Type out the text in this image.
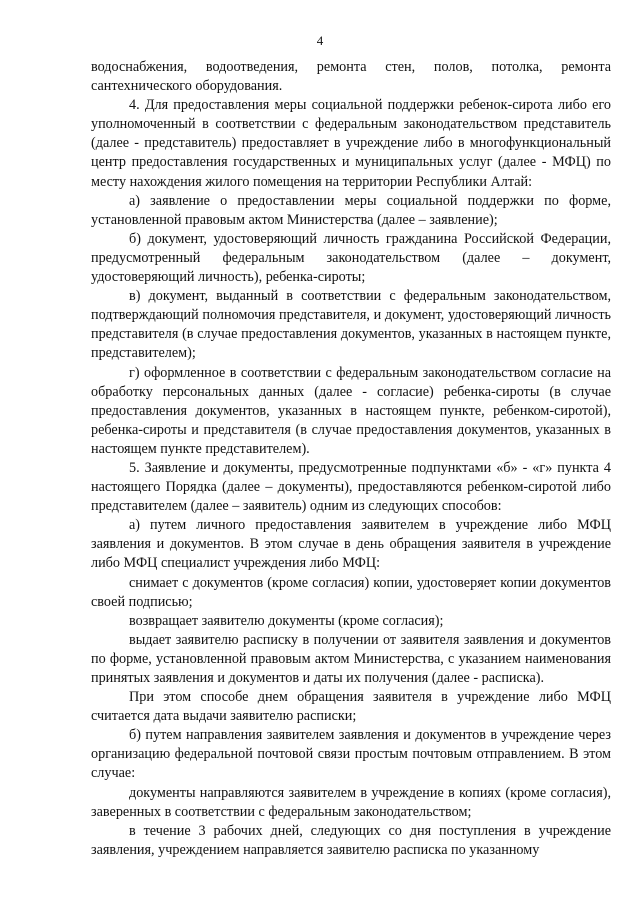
4

водоснабжения, водоотведения, ремонта стен, полов, потолка, ремонта сантехнического оборудования.

4. Для предоставления меры социальной поддержки ребенок-сирота либо его уполномоченный в соответствии с федеральным законодательством представитель (далее - представитель) предоставляет в учреждение либо в многофункциональный центр предоставления государственных и муниципальных услуг (далее - МФЦ) по месту нахождения жилого помещения на территории Республики Алтай:

а) заявление о предоставлении меры социальной поддержки по форме, установленной правовым актом Министерства (далее – заявление);

б) документ, удостоверяющий личность гражданина Российской Федерации, предусмотренный федеральным законодательством (далее – документ, удостоверяющий личность), ребенка-сироты;

в) документ, выданный в соответствии с федеральным законодательством, подтверждающий полномочия представителя, и документ, удостоверяющий личность представителя (в случае предоставления документов, указанных в настоящем пункте, представителем);

г) оформленное в соответствии с федеральным законодательством согласие на обработку персональных данных (далее - согласие) ребенка-сироты (в случае предоставления документов, указанных в настоящем пункте, ребенком-сиротой), ребенка-сироты и представителя (в случае предоставления документов, указанных в настоящем пункте представителем).

5. Заявление и документы, предусмотренные подпунктами «б» - «г» пункта 4 настоящего Порядка (далее – документы), предоставляются ребенком-сиротой либо представителем (далее – заявитель) одним из следующих способов:

а) путем личного предоставления заявителем в учреждение либо МФЦ заявления и документов. В этом случае в день обращения заявителя в учреждение либо МФЦ специалист учреждения либо МФЦ:

снимает с документов (кроме согласия) копии, удостоверяет копии документов своей подписью;

возвращает заявителю документы (кроме согласия);

выдает заявителю расписку в получении от заявителя заявления и документов по форме, установленной правовым актом Министерства, с указанием наименования принятых заявления и документов и даты их получения (далее - расписка).

При этом способе днем обращения заявителя в учреждение либо МФЦ считается дата выдачи заявителю расписки;

б) путем направления заявителем заявления и документов в учреждение через организацию федеральной почтовой связи простым почтовым отправлением. В этом случае:

документы направляются заявителем в учреждение в копиях (кроме согласия), заверенных в соответствии с федеральным законодательством;

в течение 3 рабочих дней, следующих со дня поступления в учреждение заявления, учреждением направляется заявителю расписка по указанному
